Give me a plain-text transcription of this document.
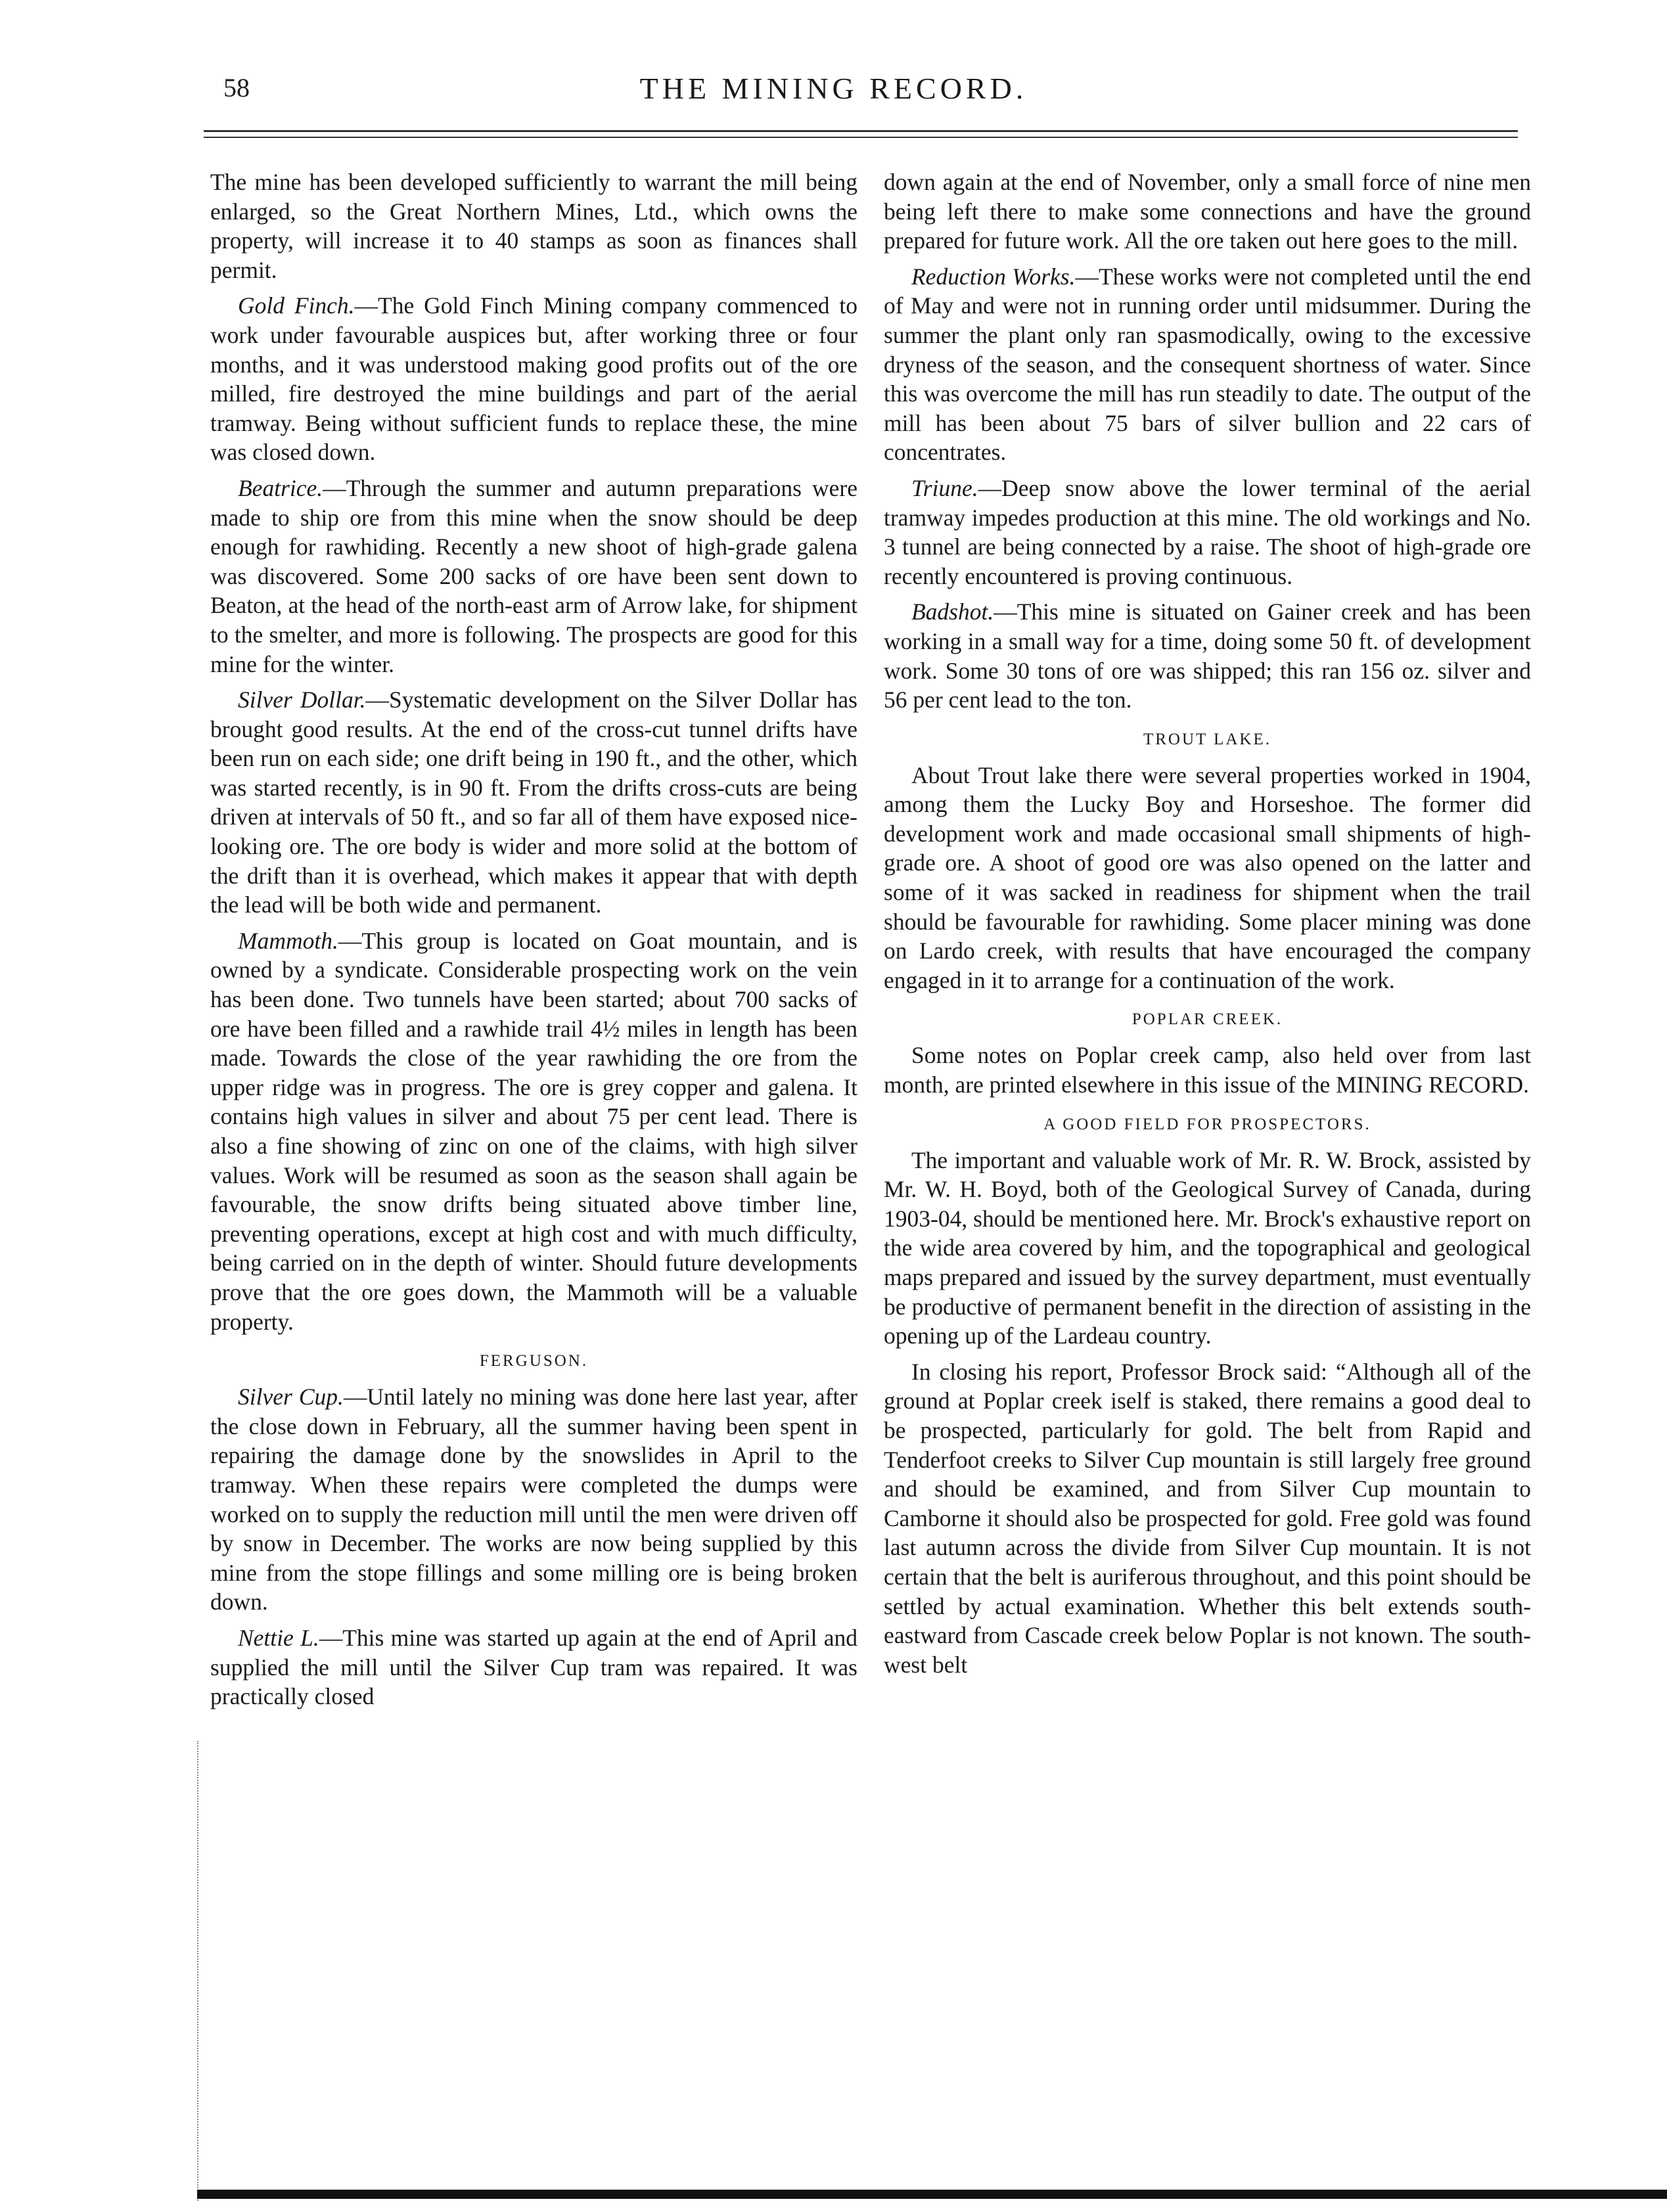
58	THE MINING RECORD.

The mine has been developed sufficiently to warrant the mill being enlarged, so the Great Northern Mines, Ltd., which owns the property, will increase it to 40 stamps as soon as finances shall permit.

Gold Finch.—The Gold Finch Mining company commenced to work under favourable auspices but, after working three or four months, and it was understood making good profits out of the ore milled, fire destroyed the mine buildings and part of the aerial tramway. Being without sufficient funds to replace these, the mine was closed down.

Beatrice.—Through the summer and autumn preparations were made to ship ore from this mine when the snow should be deep enough for rawhiding. Recently a new shoot of high-grade galena was discovered. Some 200 sacks of ore have been sent down to Beaton, at the head of the north-east arm of Arrow lake, for shipment to the smelter, and more is following. The prospects are good for this mine for the winter.

Silver Dollar.—Systematic development on the Silver Dollar has brought good results. At the end of the cross-cut tunnel drifts have been run on each side; one drift being in 190 ft., and the other, which was started recently, is in 90 ft. From the drifts cross-cuts are being driven at intervals of 50 ft., and so far all of them have exposed nice-looking ore. The ore body is wider and more solid at the bottom of the drift than it is overhead, which makes it appear that with depth the lead will be both wide and permanent.

Mammoth.—This group is located on Goat mountain, and is owned by a syndicate. Considerable prospecting work on the vein has been done. Two tunnels have been started; about 700 sacks of ore have been filled and a rawhide trail 4½ miles in length has been made. Towards the close of the year rawhiding the ore from the upper ridge was in progress. The ore is grey copper and galena. It contains high values in silver and about 75 per cent lead. There is also a fine showing of zinc on one of the claims, with high silver values. Work will be resumed as soon as the season shall again be favourable, the snow drifts being situated above timber line, preventing operations, except at high cost and with much difficulty, being carried on in the depth of winter. Should future developments prove that the ore goes down, the Mammoth will be a valuable property.

FERGUSON.

Silver Cup.—Until lately no mining was done here last year, after the close down in February, all the summer having been spent in repairing the damage done by the snowslides in April to the tramway. When these repairs were completed the dumps were worked on to supply the reduction mill until the men were driven off by snow in December. The works are now being supplied by this mine from the stope fillings and some milling ore is being broken down.

Nettie L.—This mine was started up again at the end of April and supplied the mill until the Silver Cup tram was repaired. It was practically closed

down again at the end of November, only a small force of nine men being left there to make some connections and have the ground prepared for future work. All the ore taken out here goes to the mill.

Reduction Works.—These works were not completed until the end of May and were not in running order until midsummer. During the summer the plant only ran spasmodically, owing to the excessive dryness of the season, and the consequent shortness of water. Since this was overcome the mill has run steadily to date. The output of the mill has been about 75 bars of silver bullion and 22 cars of concentrates.

Triune.—Deep snow above the lower terminal of the aerial tramway impedes production at this mine. The old workings and No. 3 tunnel are being connected by a raise. The shoot of high-grade ore recently encountered is proving continuous.

Badshot.—This mine is situated on Gainer creek and has been working in a small way for a time, doing some 50 ft. of development work. Some 30 tons of ore was shipped; this ran 156 oz. silver and 56 per cent lead to the ton.

TROUT LAKE.

About Trout lake there were several properties worked in 1904, among them the Lucky Boy and Horseshoe. The former did development work and made occasional small shipments of high-grade ore. A shoot of good ore was also opened on the latter and some of it was sacked in readiness for shipment when the trail should be favourable for rawhiding. Some placer mining was done on Lardo creek, with results that have encouraged the company engaged in it to arrange for a continuation of the work.

POPLAR CREEK.

Some notes on Poplar creek camp, also held over from last month, are printed elsewhere in this issue of the MINING RECORD.

A GOOD FIELD FOR PROSPECTORS.

The important and valuable work of Mr. R. W. Brock, assisted by Mr. W. H. Boyd, both of the Geological Survey of Canada, during 1903-04, should be mentioned here. Mr. Brock's exhaustive report on the wide area covered by him, and the topographical and geological maps prepared and issued by the survey department, must eventually be productive of permanent benefit in the direction of assisting in the opening up of the Lardeau country.

In closing his report, Professor Brock said: “Although all of the ground at Poplar creek iself is staked, there remains a good deal to be prospected, particularly for gold. The belt from Rapid and Tenderfoot creeks to Silver Cup mountain is still largely free ground and should be examined, and from Silver Cup mountain to Camborne it should also be prospected for gold. Free gold was found last autumn across the divide from Silver Cup mountain. It is not certain that the belt is auriferous throughout, and this point should be settled by actual examination. Whether this belt extends south-eastward from Cascade creek below Poplar is not known. The south-west belt
